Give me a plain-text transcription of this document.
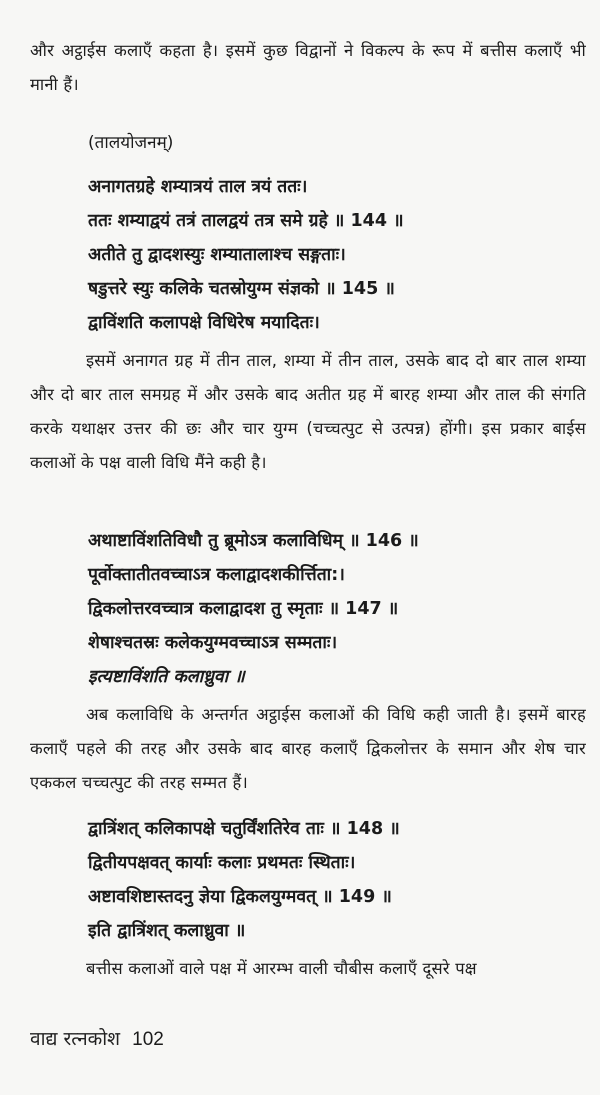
और अट्ठाईस कलाएँ कहता है। इसमें कुछ विद्वानों ने विकल्प के रूप में बत्तीस कलाएँ भी मानी हैं।

(तालयोजनम्)
अनागतग्रहे शम्यात्रयं ताल त्रयं ततः।
ततः शम्याद्वयं तत्रं तालद्वयं तत्र समे ग्रहे ॥ 144 ॥
अतीते तु द्वादशस्युः शम्यातालाश्च सङ्गताः।
षडुत्तरे स्युः कलिके चतस्रोयुग्म संज्ञको ॥ 145 ॥
द्वाविंशति कलापक्षे विधिरेष मयादितः।

इसमें अनागत ग्रह में तीन ताल, शम्या में तीन ताल, उसके बाद दो बार ताल शम्या और दो बार ताल समग्रह में और उसके बाद अतीत ग्रह में बारह शम्या और ताल की संगति करके यथाक्षर उत्तर की छः और चार युग्म (चच्चत्पुट से उत्पन्न) होंगी। इस प्रकार बाईस कलाओं के पक्ष वाली विधि मैंने कही है।

अथाष्टाविंशतिविधौ तु ब्रूमोऽत्र कलाविधिम् ॥ 146 ॥
पूर्वोक्तातीतवच्चाऽत्र कलाद्वादशकीर्त्तिता:।
द्विकलोत्तरवच्चात्र कलाद्वादश तु स्मृताः ॥ 147 ॥
शेषाश्चतस्रः कलेकयुग्मवच्चाऽत्र सम्मताः।
इत्यष्टाविंशति कलाध्रुवा ॥

अब कलाविधि के अन्तर्गत अट्ठाईस कलाओं की विधि कही जाती है। इसमें बारह कलाएँ पहले की तरह और उसके बाद बारह कलाएँ द्विकलोत्तर के समान और शेष चार एककल चच्चत्पुट की तरह सम्मत हैं।

द्वात्रिंशत् कलिकापक्षे चतुर्विंशतिरेव ताः ॥ 148 ॥
द्वितीयपक्षवत् कार्याः कलाः प्रथमतः स्थिताः।
अष्टावशिष्टास्तदनु ज्ञेया द्विकलयुग्मवत् ॥ 149 ॥
इति द्वात्रिंशत् कलाध्रुवा ॥

बत्तीस कलाओं वाले पक्ष में आरम्भ वाली चौबीस कलाएँ दूसरे पक्ष

वाद्य रत्नकोश 102
